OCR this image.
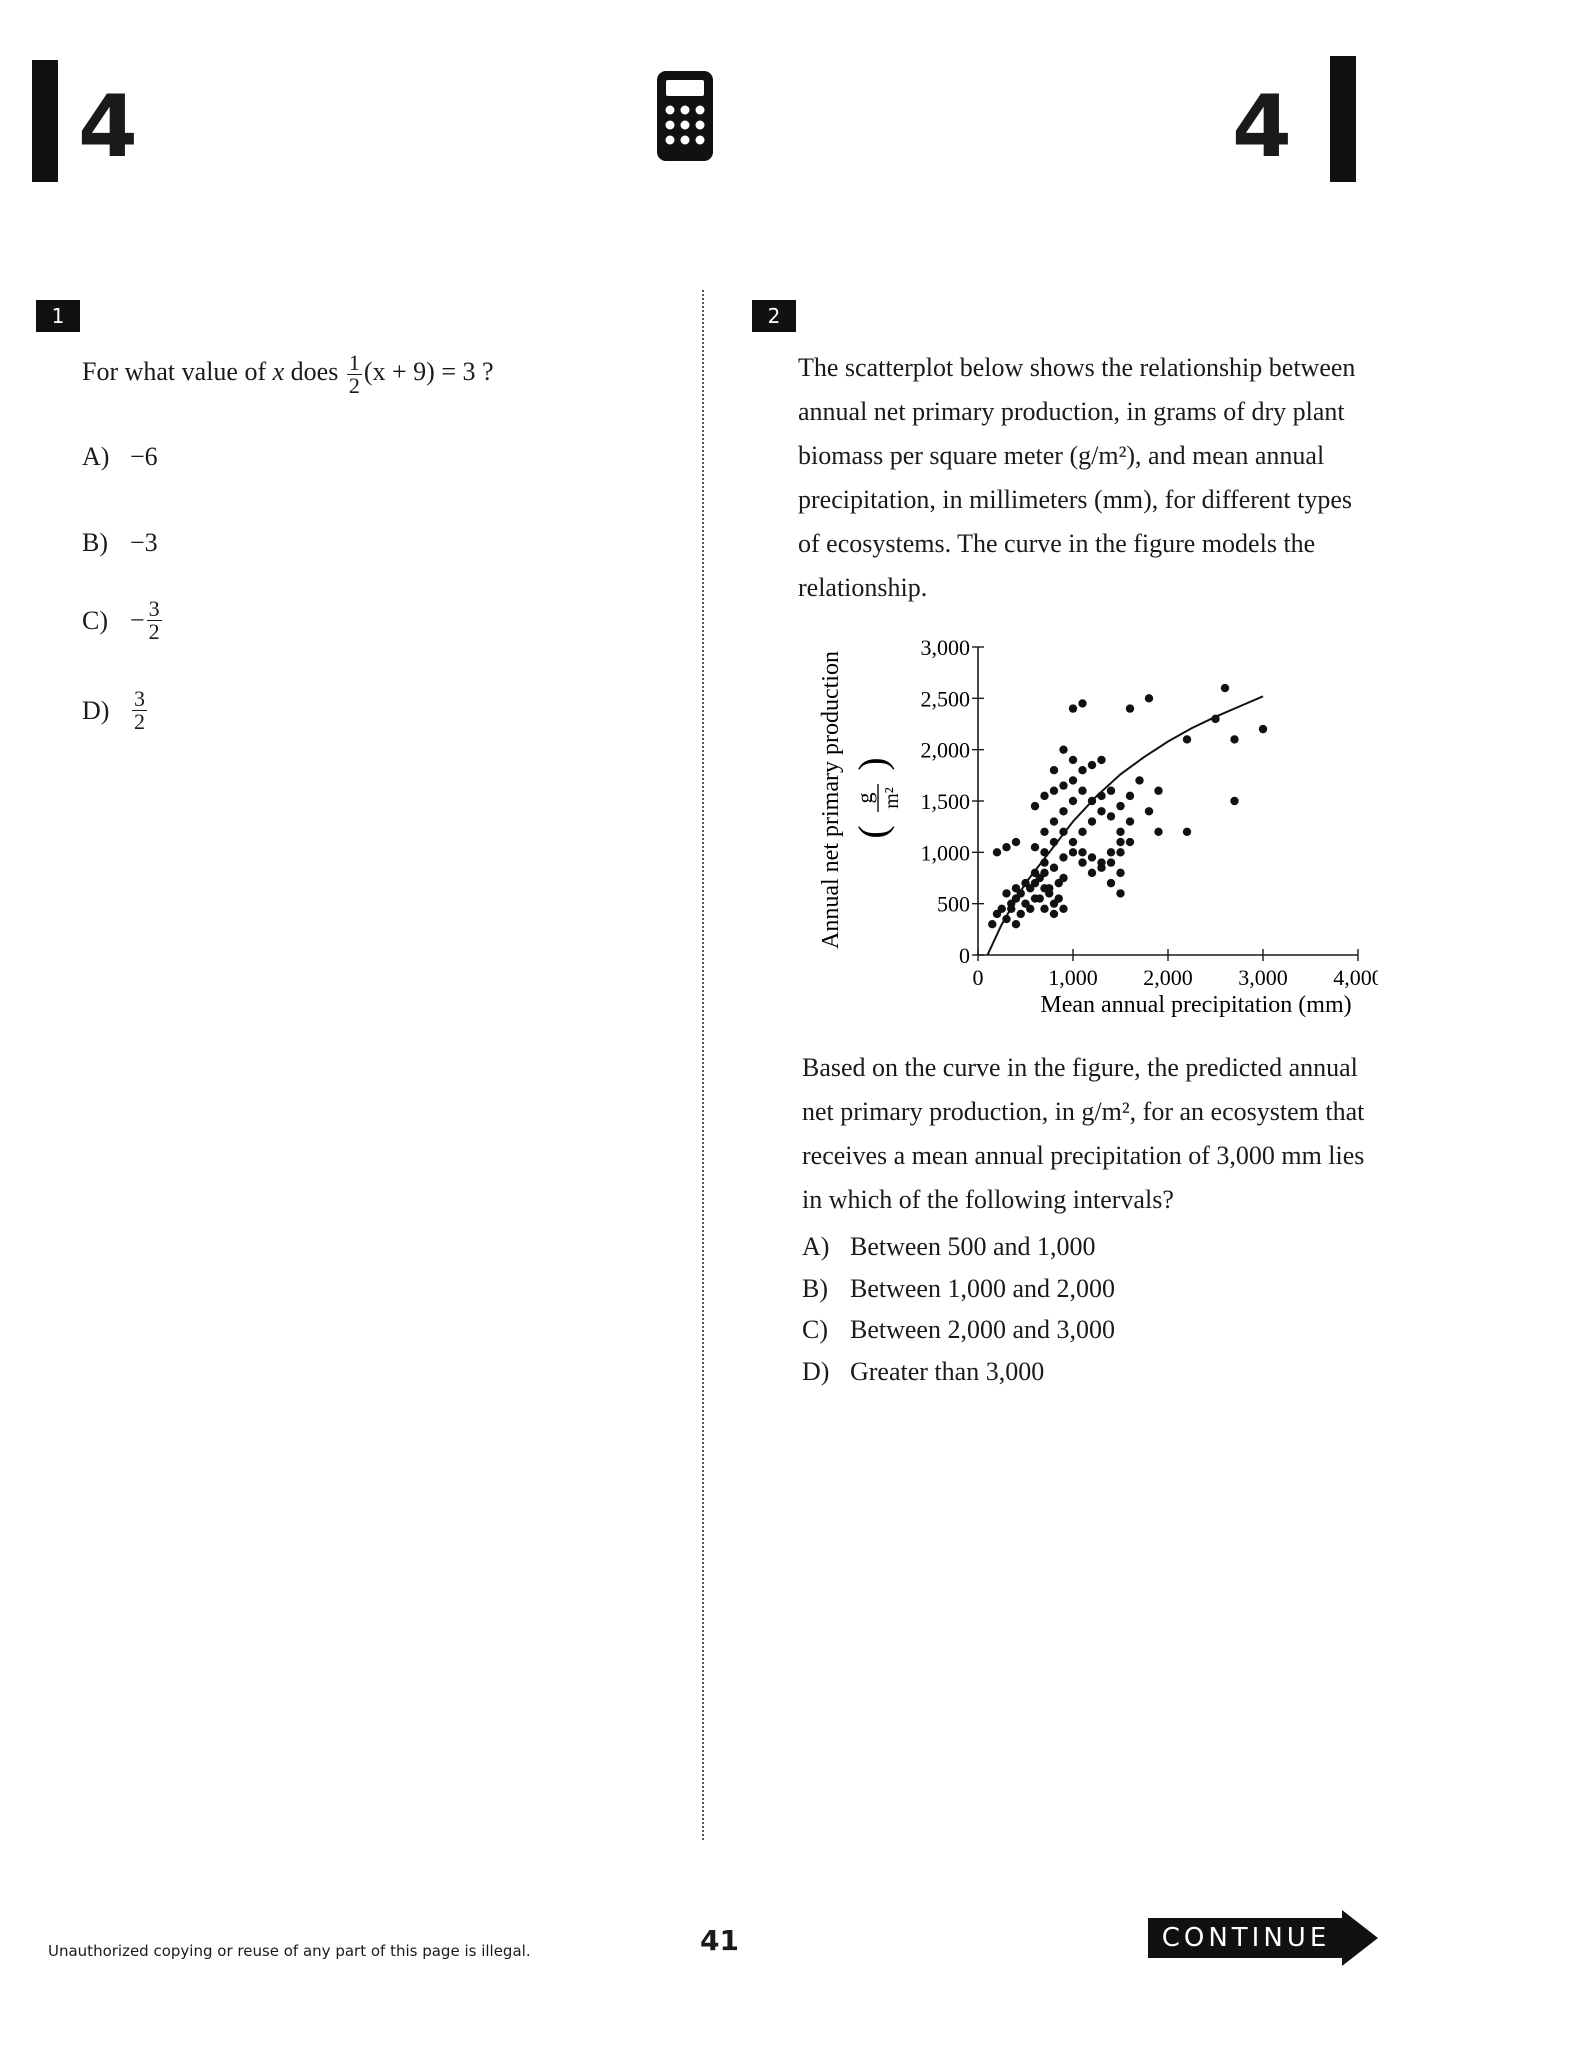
4	4
1
For what value of x does $\frac{1}{2} (x + 9) = 3$ ?
A) −6
B) −3
$C) - \frac{3}{2}$
$D) \frac{3}{2}$
2
The scatterplot below shows the relationship between annual net primary production, in grams of dry plant biomass per square meter (g/m²), and mean annual precipitation, in millimeters (mm), for different types of ecosystems. The curve in the figure models the relationship.
Annual net primary production (
g m²
)
0
500
1,000
1,500
2,000
2,500
3,000
0	1,000 2,000 3,000 4,000
Mean annual precipitation (mm)
Based on the curve in the figure, the predicted annual net primary production, in g/m², for an ecosystem that receives a mean annual precipitation of 3,000 mm lies in which of the following intervals?
A) Between 500 and 1,000
B) Between 1,000 and 2,000
C) Between 2,000 and 3,000
D) Greater than 3,000
Unauthorized copying or reuse of any part of this page is illegal.	41	CONTINUE
